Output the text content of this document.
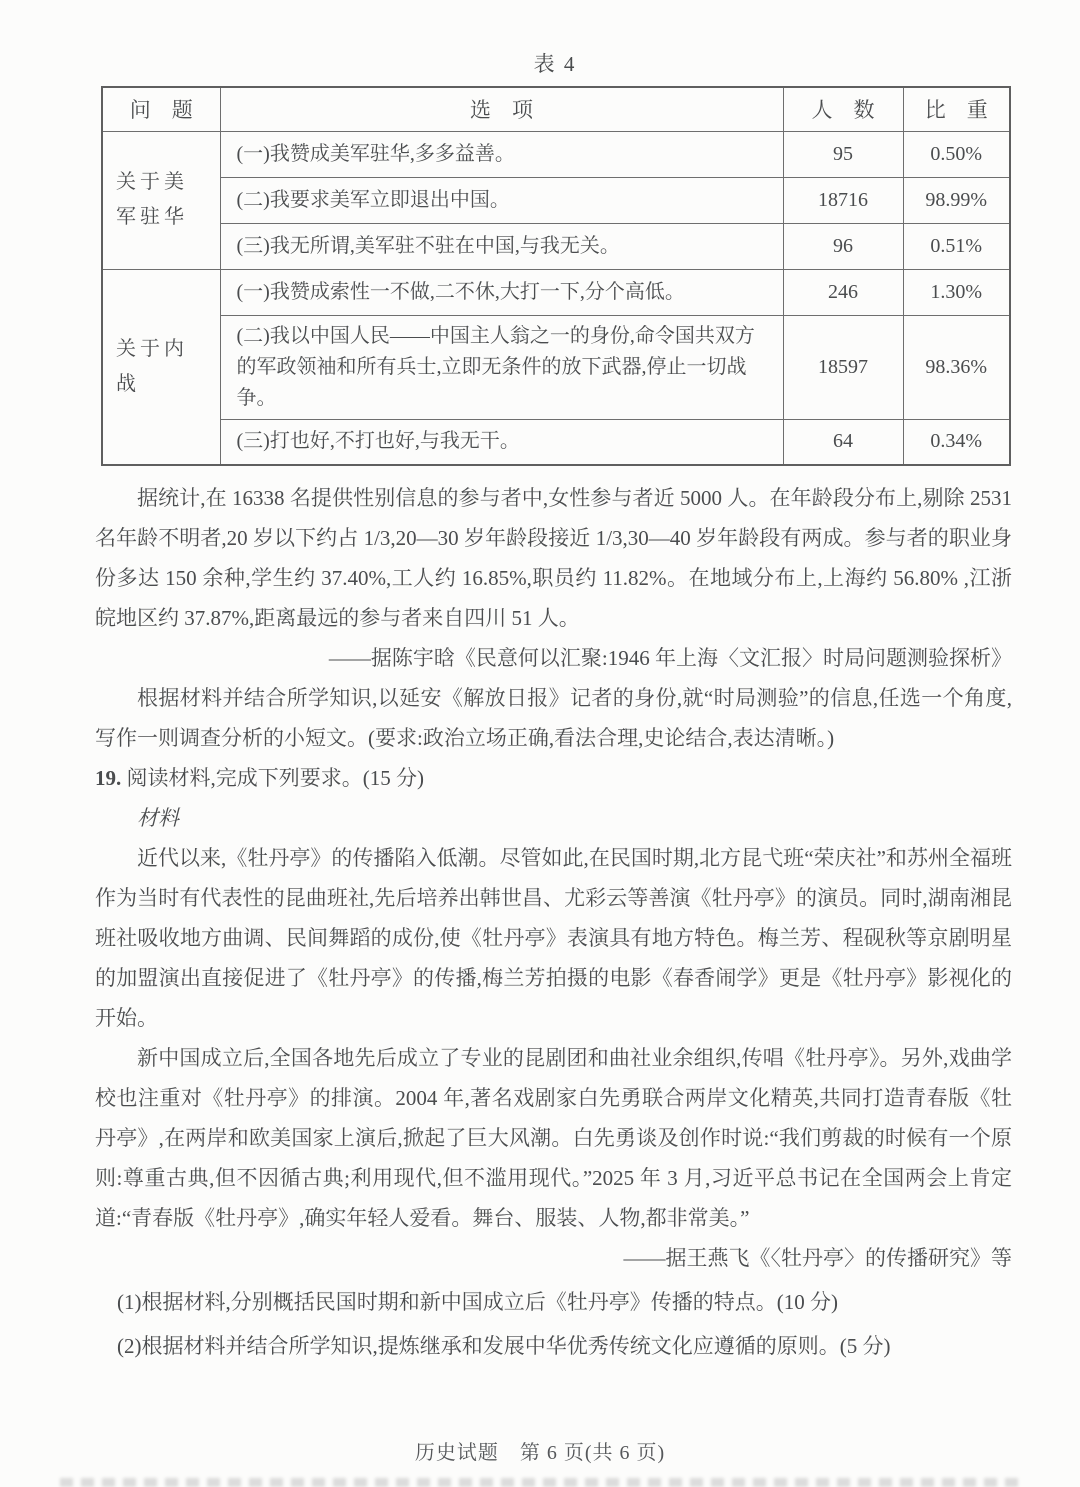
表 4
问　题	选　项	人　数	比　重
关于美军驻华	(一)我赞成美军驻华,多多益善。	95	0.50%
	(二)我要求美军立即退出中国。	18716	98.99%
	(三)我无所谓,美军驻不驻在中国,与我无关。	96	0.51%
关于内战	(一)我赞成索性一不做,二不休,大打一下,分个高低。	246	1.30%
	(二)我以中国人民——中国主人翁之一的身份,命令国共双方的军政领袖和所有兵士,立即无条件的放下武器,停止一切战争。	18597	98.36%
	(三)打也好,不打也好,与我无干。	64	0.34%
据统计,在 16338 名提供性别信息的参与者中,女性参与者近 5000 人。在年龄段分布上,剔除 2531 名年龄不明者,20 岁以下约占 1/3,20—30 岁年龄段接近 1/3,30—40 岁年龄段有两成。参与者的职业身份多达 150 余种,学生约 37.40%,工人约 16.85%,职员约 11.82%。在地域分布上,上海约 56.80% ,江浙皖地区约 37.87%,距离最远的参与者来自四川 51 人。
——据陈宇晗《民意何以汇聚:1946 年上海〈文汇报〉时局问题测验探析》
根据材料并结合所学知识,以延安《解放日报》记者的身份,就“时局测验”的信息,任选一个角度,写作一则调查分析的小短文。(要求:政治立场正确,看法合理,史论结合,表达清晰。)
19. 阅读材料,完成下列要求。(15 分)
材料
近代以来,《牡丹亭》的传播陷入低潮。尽管如此,在民国时期,北方昆弋班“荣庆社”和苏州全福班作为当时有代表性的昆曲班社,先后培养出韩世昌、尤彩云等善演《牡丹亭》的演员。同时,湖南湘昆班社吸收地方曲调、民间舞蹈的成份,使《牡丹亭》表演具有地方特色。梅兰芳、程砚秋等京剧明星的加盟演出直接促进了《牡丹亭》的传播,梅兰芳拍摄的电影《春香闹学》更是《牡丹亭》影视化的开始。
新中国成立后,全国各地先后成立了专业的昆剧团和曲社业余组织,传唱《牡丹亭》。另外,戏曲学校也注重对《牡丹亭》的排演。2004 年,著名戏剧家白先勇联合两岸文化精英,共同打造青春版《牡丹亭》,在两岸和欧美国家上演后,掀起了巨大风潮。白先勇谈及创作时说:“我们剪裁的时候有一个原则:尊重古典,但不因循古典;利用现代,但不滥用现代。”2025 年 3 月,习近平总书记在全国两会上肯定道:“青春版《牡丹亭》,确实年轻人爱看。舞台、服装、人物,都非常美。”
——据王燕飞《〈牡丹亭〉的传播研究》等
(1)根据材料,分别概括民国时期和新中国成立后《牡丹亭》传播的特点。(10 分)
(2)根据材料并结合所学知识,提炼继承和发展中华优秀传统文化应遵循的原则。(5 分)
历史试题　第 6 页(共 6 页)
